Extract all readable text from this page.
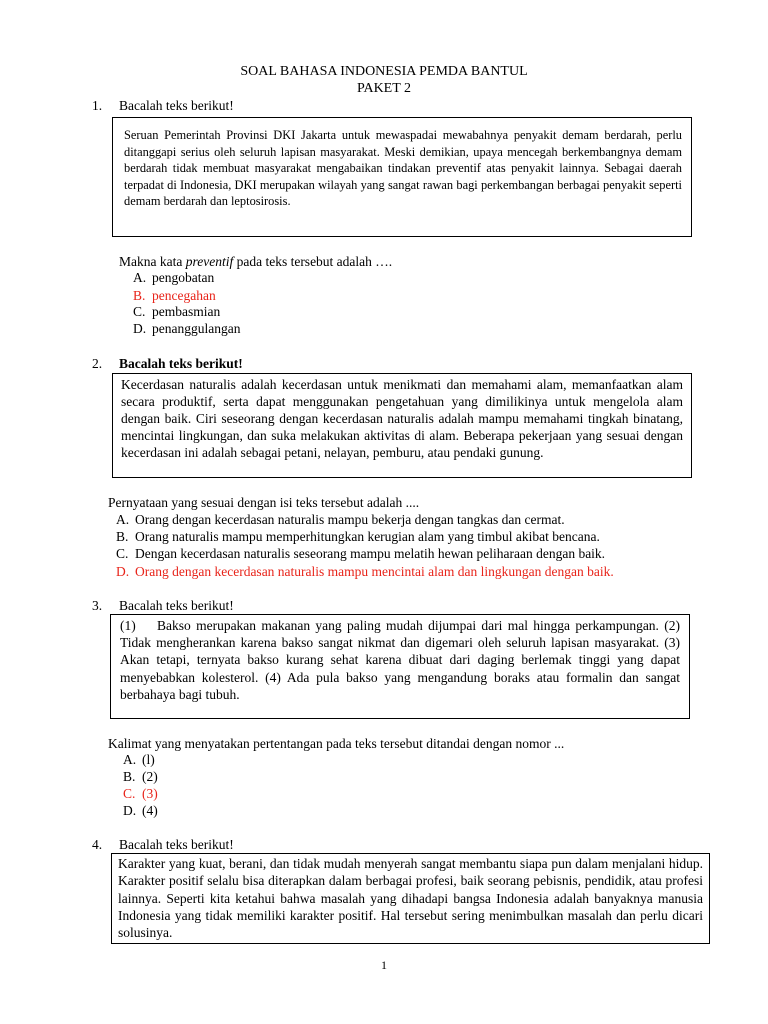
SOAL BAHASA INDONESIA PEMDA BANTUL
PAKET 2
1. Bacalah teks berikut!
Seruan Pemerintah Provinsi DKI Jakarta untuk mewaspadai mewabahnya penyakit demam berdarah, perlu ditanggapi serius oleh seluruh lapisan masyarakat. Meski demikian, upaya mencegah berkembangnya demam berdarah tidak membuat masyarakat mengabaikan tindakan preventif atas penyakit lainnya. Sebagai daerah terpadat di Indonesia, DKI merupakan wilayah yang sangat rawan bagi perkembangan berbagai penyakit seperti demam berdarah dan leptosirosis.
Makna kata preventif pada teks tersebut adalah ….
A. pengobatan
B. pencegahan
C. pembasmian
D. penanggulangan
2. Bacalah teks berikut!
Kecerdasan naturalis adalah kecerdasan untuk menikmati dan memahami alam, memanfaatkan alam secara produktif, serta dapat menggunakan pengetahuan yang dimilikinya untuk mengelola alam dengan baik. Ciri seseorang dengan kecerdasan naturalis adalah mampu memahami tingkah binatang, mencintai lingkungan, dan suka melakukan aktivitas di alam. Beberapa pekerjaan yang sesuai dengan kecerdasan ini adalah sebagai petani, nelayan, pemburu, atau pendaki gunung.
Pernyataan yang sesuai dengan isi teks tersebut adalah ....
A. Orang dengan kecerdasan naturalis mampu bekerja dengan tangkas dan cermat.
B. Orang naturalis mampu memperhitungkan kerugian alam yang timbul akibat bencana.
C. Dengan kecerdasan naturalis seseorang mampu melatih hewan peliharaan dengan baik.
D. Orang dengan kecerdasan naturalis mampu mencintai alam dan lingkungan dengan baik.
3. Bacalah teks berikut!
(1)    Bakso merupakan makanan yang paling mudah dijumpai dari mal hingga perkampungan. (2) Tidak mengherankan karena bakso sangat nikmat dan digemari oleh seluruh lapisan masyarakat. (3) Akan tetapi, ternyata bakso kurang sehat karena dibuat dari daging berlemak tinggi yang dapat menyebabkan kolesterol. (4) Ada pula bakso yang mengandung boraks atau formalin dan sangat berbahaya bagi tubuh.
Kalimat yang menyatakan pertentangan pada teks tersebut ditandai dengan nomor ...
A. (l)
B. (2)
C. (3)
D. (4)
4. Bacalah teks berikut!
Karakter yang kuat, berani, dan tidak mudah menyerah sangat membantu siapa pun dalam menjalani hidup. Karakter positif selalu bisa diterapkan dalam berbagai profesi, baik seorang pebisnis, pendidik, atau profesi lainnya. Seperti kita ketahui bahwa masalah yang dihadapi bangsa Indonesia adalah banyaknya manusia Indonesia yang tidak memiliki karakter positif. Hal tersebut sering menimbulkan masalah dan perlu dicari solusinya.
1
